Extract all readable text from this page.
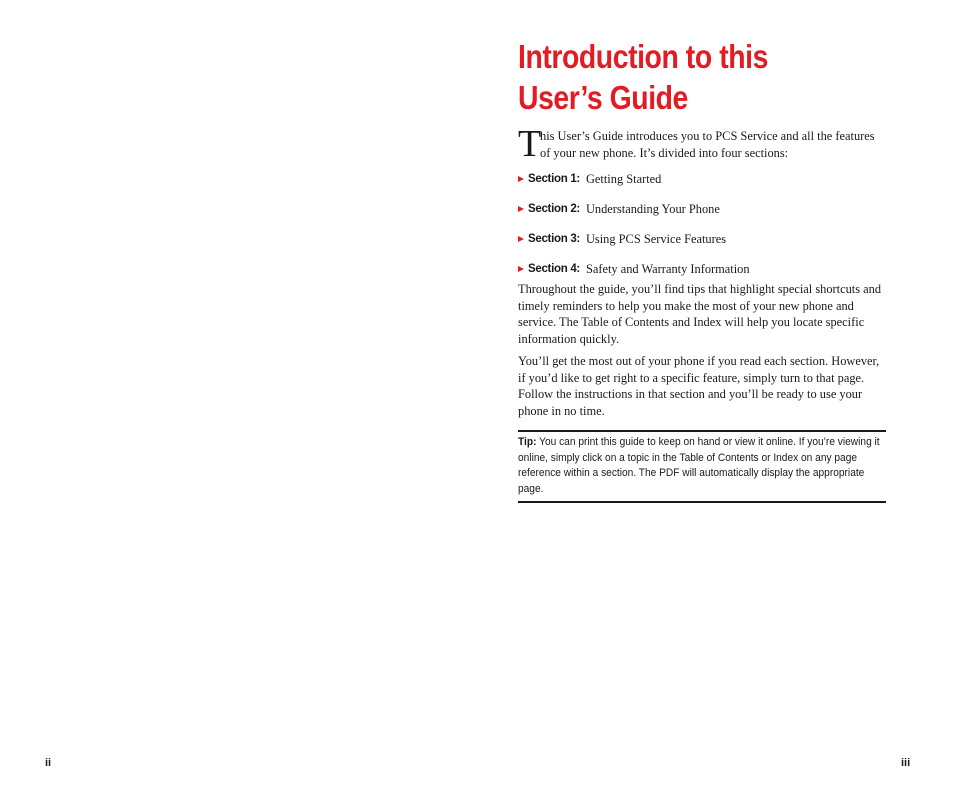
ii
Introduction to this
User’s Guide

T
his User’s Guide introduces you to PCS Service and all the features of your new phone. It’s divided into four sections:

Section 1: Getting Started
Section 2: Understanding Your Phone
Section 3: Using PCS Service Features
Section 4: Safety and Warranty Information

Throughout the guide, you’ll find tips that highlight special shortcuts and timely reminders to help you make the most of your new phone and service. The Table of Contents and Index will help you locate specific information quickly.

You’ll get the most out of your phone if you read each section. However, if you’d like to get right to a specific feature, simply turn to that page. Follow the instructions in that section and you’ll be ready to use your phone in no time.

Tip: You can print this guide to keep on hand or view it online. If you’re viewing it online, simply click on a topic in the Table of Contents or Index on any page reference within a section. The PDF will automatically display the appropriate page.
iii
